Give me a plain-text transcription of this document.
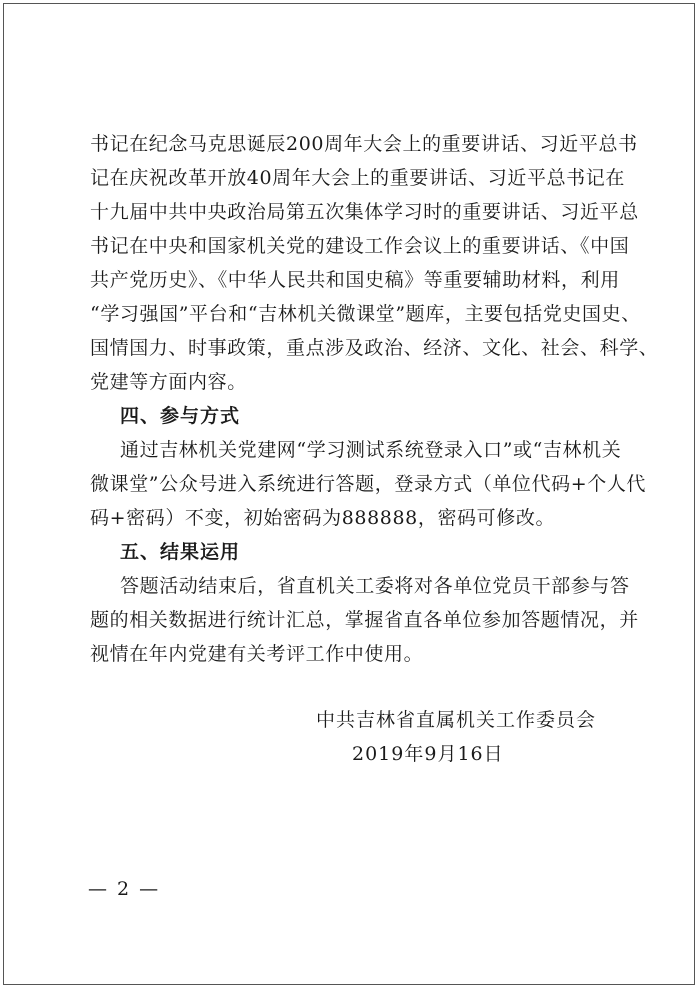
书记在纪念马克思诞辰200周年大会上的重要讲话、习近平总书
记在庆祝改革开放40周年大会上的重要讲话、习近平总书记在
十九届中共中央政治局第五次集体学习时的重要讲话、习近平总
书记在中央和国家机关党的建设工作会议上的重要讲话、《中国
共产党历史》、《中华人民共和国史稿》等重要辅助材料，利用
“学习强国”平台和“吉林机关微课堂”题库，主要包括党史国史、
国情国力、时事政策，重点涉及政治、经济、文化、社会、科学、
党建等方面内容。
四、参与方式
通过吉林机关党建网“学习测试系统登录入口”或“吉林机关
微课堂”公众号进入系统进行答题，登录方式（单位代码+个人代
码+密码）不变，初始密码为888888，密码可修改。
五、结果运用
答题活动结束后，省直机关工委将对各单位党员干部参与答
题的相关数据进行统计汇总，掌握省直各单位参加答题情况，并
视情在年内党建有关考评工作中使用。
中共吉林省直属机关工作委员会
2019年9月16日
— 2 —
